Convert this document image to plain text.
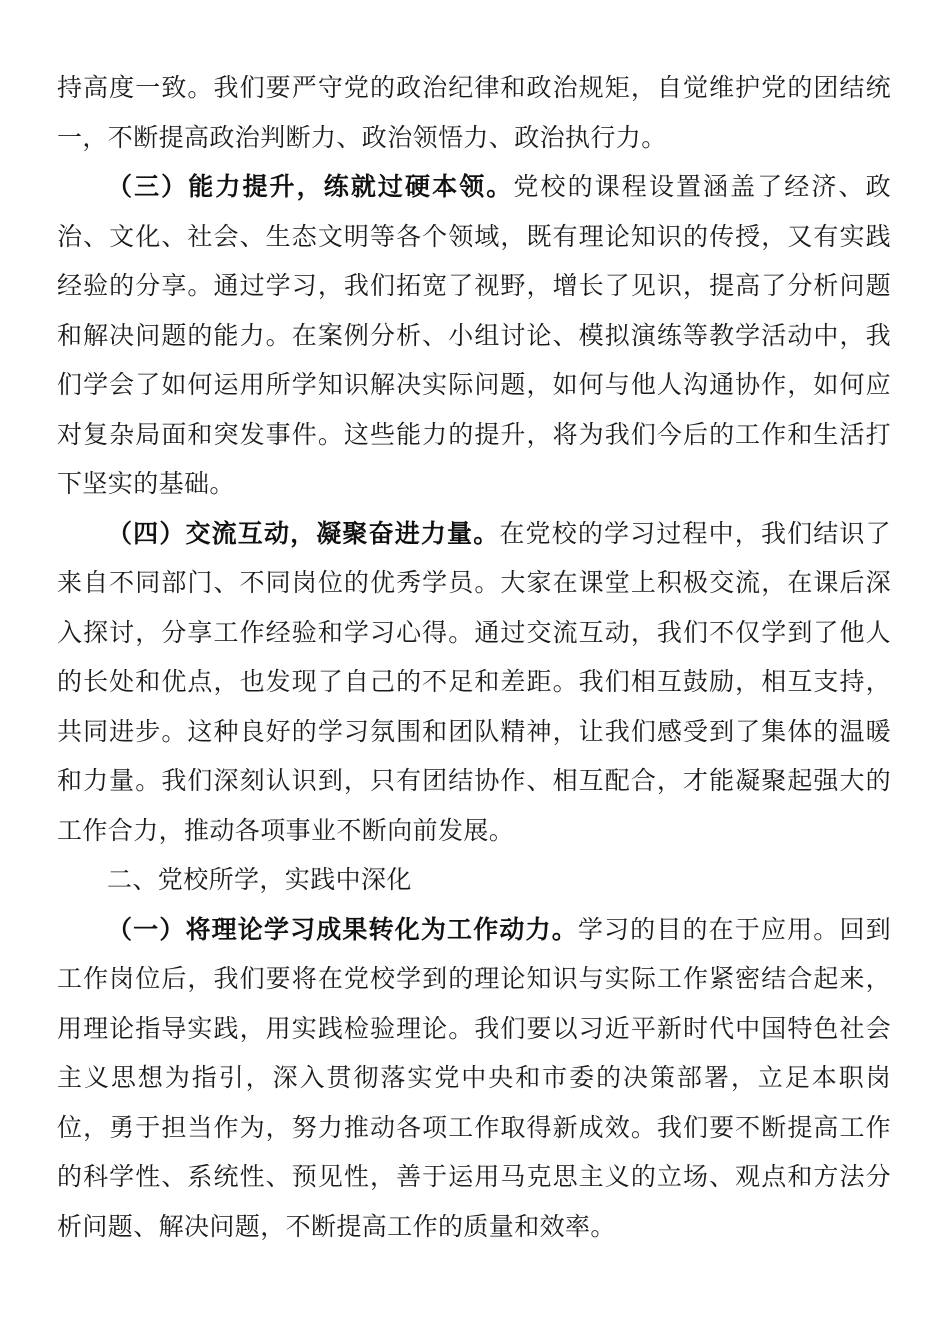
持高度一致。我们要严守党的政治纪律和政治规矩，自觉维护党的团结统一，不断提高政治判断力、政治领悟力、政治执行力。

（三）能力提升，练就过硬本领。党校的课程设置涵盖了经济、政治、文化、社会、生态文明等各个领域，既有理论知识的传授，又有实践经验的分享。通过学习，我们拓宽了视野，增长了见识，提高了分析问题和解决问题的能力。在案例分析、小组讨论、模拟演练等教学活动中，我们学会了如何运用所学知识解决实际问题，如何与他人沟通协作，如何应对复杂局面和突发事件。这些能力的提升，将为我们今后的工作和生活打下坚实的基础。

（四）交流互动，凝聚奋进力量。在党校的学习过程中，我们结识了来自不同部门、不同岗位的优秀学员。大家在课堂上积极交流，在课后深入探讨，分享工作经验和学习心得。通过交流互动，我们不仅学到了他人的长处和优点，也发现了自己的不足和差距。我们相互鼓励，相互支持，共同进步。这种良好的学习氛围和团队精神，让我们感受到了集体的温暖和力量。我们深刻认识到，只有团结协作、相互配合，才能凝聚起强大的工作合力，推动各项事业不断向前发展。

二、党校所学，实践中深化

（一）将理论学习成果转化为工作动力。学习的目的在于应用。回到工作岗位后，我们要将在党校学到的理论知识与实际工作紧密结合起来，用理论指导实践，用实践检验理论。我们要以习近平新时代中国特色社会主义思想为指引，深入贯彻落实党中央和市委的决策部署，立足本职岗位，勇于担当作为，努力推动各项工作取得新成效。我们要不断提高工作的科学性、系统性、预见性，善于运用马克思主义的立场、观点和方法分析问题、解决问题，不断提高工作的质量和效率。
